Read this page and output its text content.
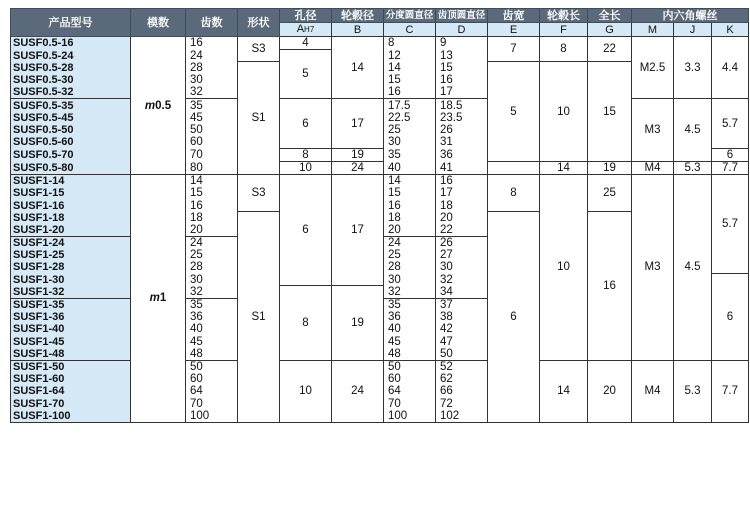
产品型号	模数	齿数	形状	孔径	轮毂径	分度圆直径	齿顶圆直径	齿宽	轮毂长	全长	内六角螺丝		
				AH7	B	C	D	E	F	G	M	J	K
SUSF0.5-16	m0.5	16	S3	4	14	8	9	7	8	22	M2.5	3.3	4.4
SUSF0.5-24		24		5		12	13						
SUSF0.5-28		28	S1			14	15	5	10	15			
SUSF0.5-30		30				15	16						
SUSF0.5-32		32				16	17						
SUSF0.5-35		35		6	17	17.5	18.5				M3	4.5	5.7
SUSF0.5-45		45				22.5	23.5						
SUSF0.5-50		50				25	26						
SUSF0.5-60		60				30	31						
SUSF0.5-70		70		8	19	35	36						6
SUSF0.5-80		80		10	24	40	41		14	19	M4	5.3	7.7
SUSF1-14	m1	14	S3	6	17	14	16	8	10	25	M3	4.5	5.7
SUSF1-15		15				15	17						
SUSF1-16		16				16	18						
SUSF1-18		18	S1			18	20	6		16			
SUSF1-20		20				20	22						
SUSF1-24		24				24	26						
SUSF1-25		25				25	27						
SUSF1-28		28				28	30						
SUSF1-30		30				30	32						6
SUSF1-32		32		8	19	32	34						
SUSF1-35		35				35	37						
SUSF1-36		36				36	38						
SUSF1-40		40				40	42						
SUSF1-45		45				45	47						
SUSF1-48		48				48	50						
SUSF1-50		50		10	24	50	52		14	20	M4	5.3	7.7
SUSF1-60		60				60	62						
SUSF1-64		64				64	66						
SUSF1-70		70				70	72						
SUSF1-100		100				100	102						
